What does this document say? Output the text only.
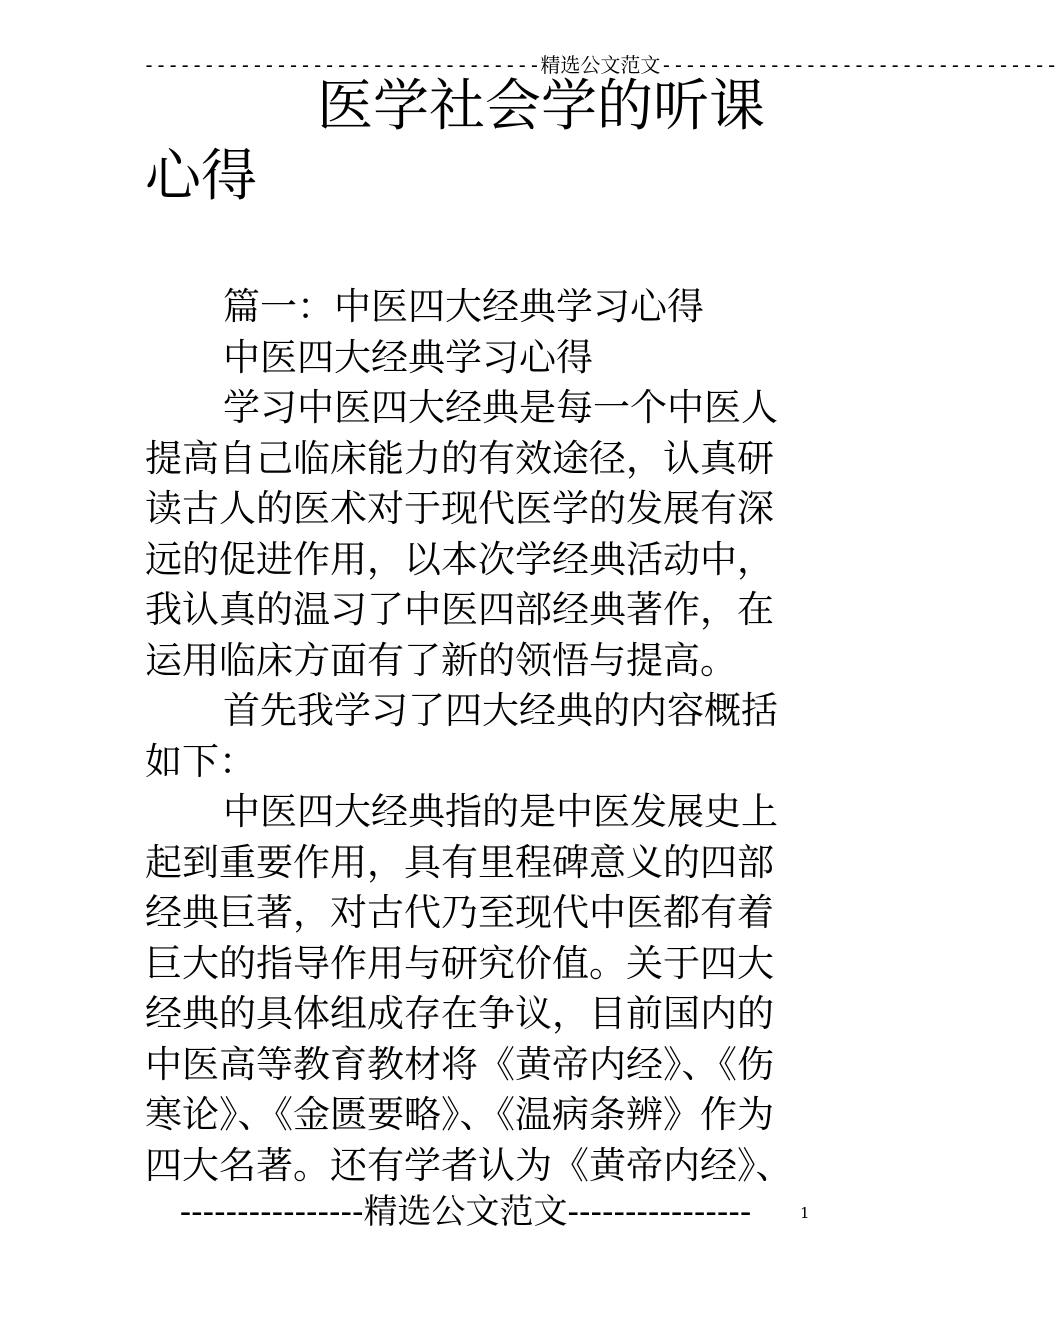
---------------------------------精选公文范文---------------------------------
医学社会学的听课心得

篇一：中医四大经典学习心得

中医四大经典学习心得

学习中医四大经典是每一个中医人提高自己临床能力的有效途径，认真研读古人的医术对于现代医学的发展有深远的促进作用，以本次学经典活动中，我认真的温习了中医四部经典著作，在运用临床方面有了新的领悟与提高。

首先我学习了四大经典的内容概括如下：

中医四大经典指的是中医发展史上起到重要作用，具有里程碑意义的四部经典巨著，对古代乃至现代中医都有着巨大的指导作用与研究价值。关于四大经典的具体组成存在争议，目前国内的中医高等教育教材将《黄帝内经》、《伤寒论》、《金匮要略》、《温病条辨》作为四大名著。还有学者认为《黄帝内经》、

----------------精选公文范文----------------	1
